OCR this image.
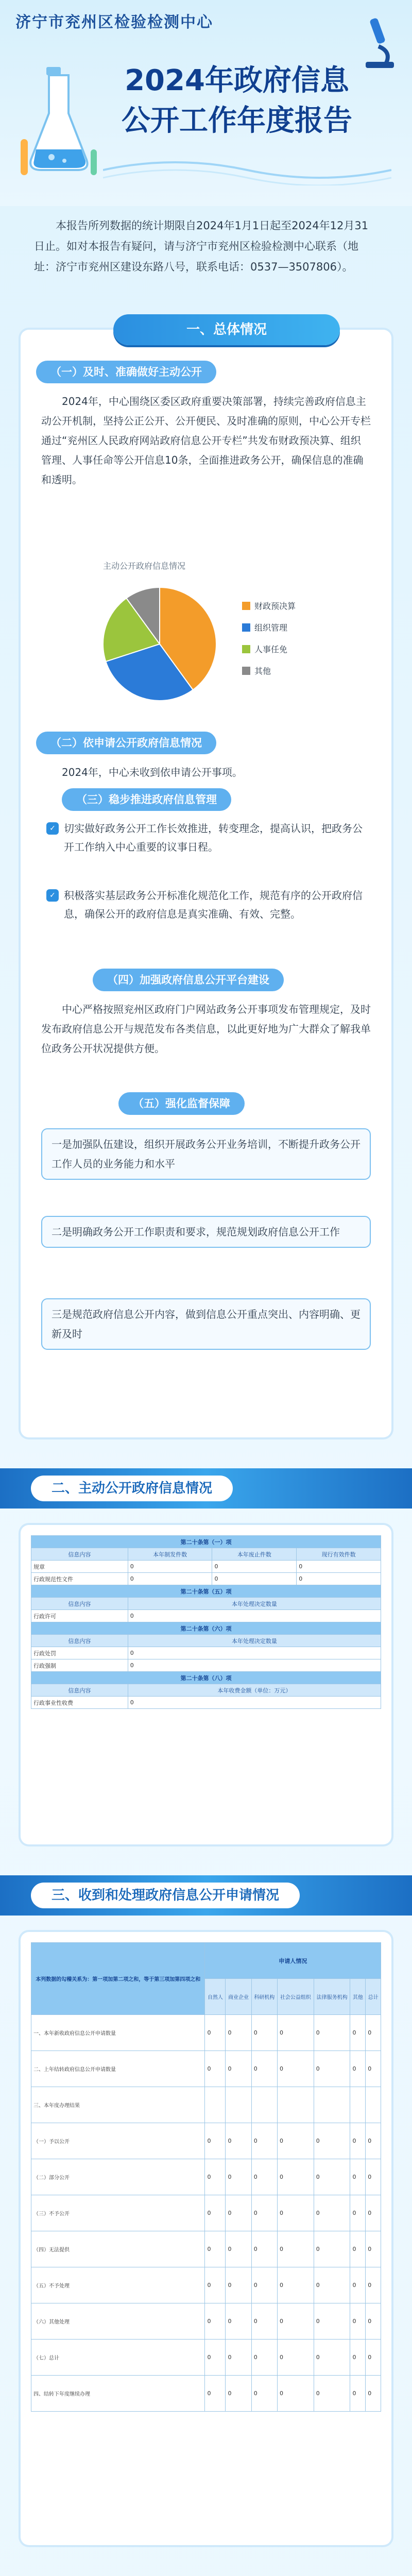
济宁市兖州区检验检测中心
2024年政府信息
公开工作年度报告
本报告所列数据的统计期限自2024年1月1日起至2024年12月31日止。如对本报告有疑问，请与济宁市兖州区检验检测中心联系（地址：济宁市兖州区建设东路八号，联系电话：0537—3507806）。
一、总体情况
（一）及时、准确做好主动公开
2024年，中心围绕区委区政府重要决策部署，持续完善政府信息主动公开机制，坚持公正公开、公开便民、及时准确的原则，中心公开专栏通过“兖州区人民政府网站政府信息公开专栏”共发布财政预决算、组织管理、人事任命等公开信息10条，全面推进政务公开，确保信息的准确和透明。
主动公开政府信息情况
财政预决算
组织管理
人事任免
其他
（二）依申请公开政府信息情况
2024年，中心未收到依申请公开事项。
（三）稳步推进政府信息管理
✓ 切实做好政务公开工作长效推进，转变理念，提高认识，把政务公开工作纳入中心重要的议事日程。
✓ 积极落实基层政务公开标准化规范化工作，规范有序的公开政府信息，确保公开的政府信息是真实准确、有效、完整。
（四）加强政府信息公开平台建设
中心严格按照兖州区政府门户网站政务公开事项发布管理规定，及时发布政府信息公开与规范发布各类信息，以此更好地为广大群众了解我单位政务公开状况提供方便。
（五）强化监督保障
一是加强队伍建设，组织开展政务公开业务培训，不断提升政务公开工作人员的业务能力和水平
二是明确政务公开工作职责和要求，规范规划政府信息公开工作
三是规范政府信息公开内容，做到信息公开重点突出、内容明确、更新及时
二、主动公开政府信息情况
第二十条第（一）项			
信息内容	本年制发件数	本年废止件数	现行有效件数
规章	0	0	0
行政规范性文件	0	0	0
第二十条第（五）项			
信息内容	本年处理决定数量		
行政许可	0		
第二十条第（六）项			
信息内容	本年处理决定数量		
行政处罚	0		
行政强制	0		
第二十条第（八）项			
信息内容	本年收费金额（单位：万元）		
行政事业性收费	0		
三、收到和处理政府信息公开申请情况
本列数据的勾稽关系为：第一项加第二项之和，等于第三项加第四项之和	申请人情况						
	自然人	商业企业	科研机构	社会公益组织	法律服务机构	其他	总计
一、本年新收政府信息公开申请数量	0	0	0	0	0	0	0
二、上年结转政府信息公开申请数量	0	0	0	0	0	0	0
三、本年度办理结果							
（一）予以公开	0	0	0	0	0	0	0
（二）部分公开	0	0	0	0	0	0	0
（三）不予公开	0	0	0	0	0	0	0
（四）无法提供	0	0	0	0	0	0	0
（五）不予处理	0	0	0	0	0	0	0
（六）其他处理	0	0	0	0	0	0	0
（七）总计	0	0	0	0	0	0	0
四、结转下年度继续办理	0	0	0	0	0	0	0
